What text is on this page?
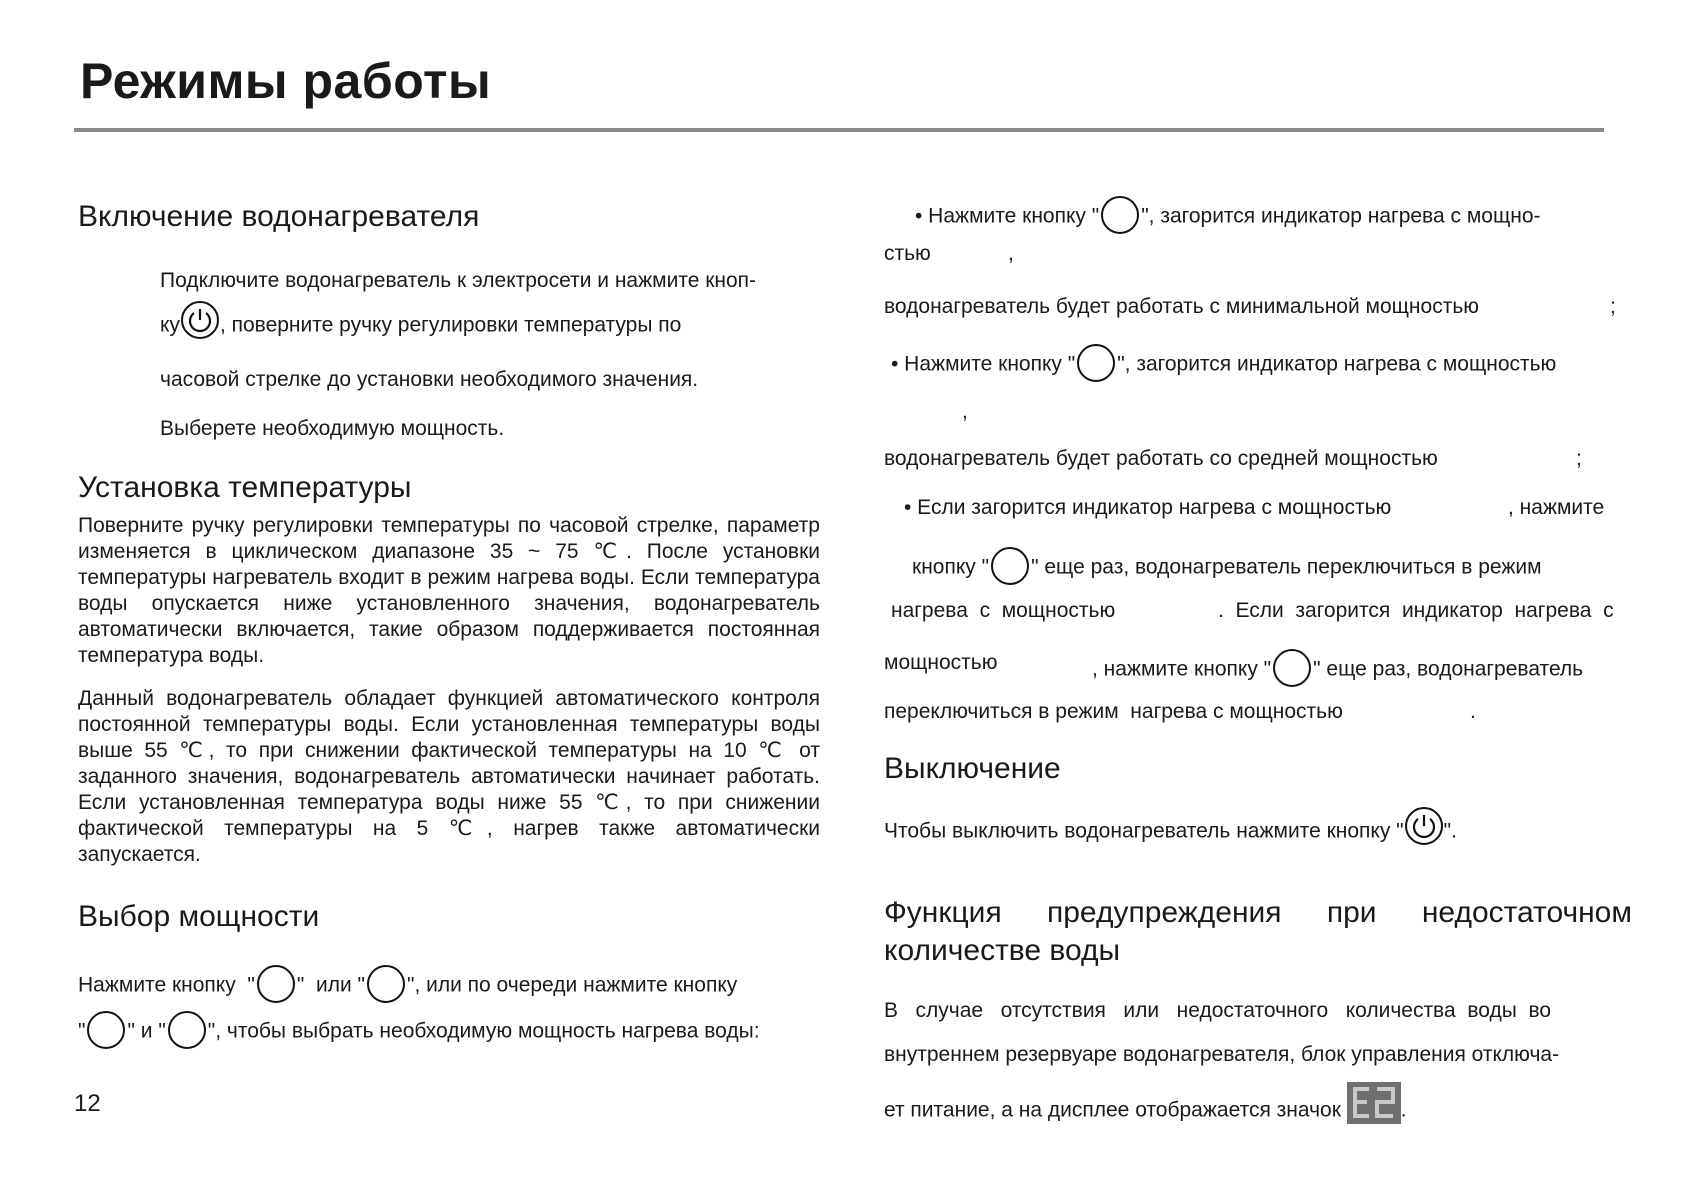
Режимы работы
Включение водонагревателя

Подключите водонагреватель к электросети и нажмите кноп-

ку , поверните ручку регулировки температуры по

часовой стрелке до установки необходимого значения.

Выберете необходимую мощность.

Установка температуры

Поверните ручку регулировки температуры по часовой стрелке, параметр изменяется в циклическом диапазоне 35 ~ 75 ℃. После установки температуры нагреватель входит в режим нагрева воды. Если температура воды опускается ниже установленного значения, водонагреватель автоматически включается, такие образом поддерживается постоянная температура воды.

Данный водонагреватель обладает функцией автоматического контроля постоянной температуры воды. Если установленная температуры воды выше 55 ℃, то при снижении фактической температуры на 10 ℃ от заданного значения, водонагреватель автоматически начинает работать. Если установленная температура воды ниже 55 ℃, то при снижении фактической температуры на 5 ℃, нагрев также автоматически запускается.

Выбор мощности

Нажмите кнопку  " "  или " ", или по очереди нажмите кнопку

" " и " ", чтобы выбрать необходимую мощность нагрева воды:

12

• Нажмите кнопку " ", загорится индикатор нагрева с мощно-

стью	,

водонагреватель будет работать с минимальной мощностью	;

• Нажмите кнопку " ", загорится индикатор нагрева с мощностью

,

водонагреватель будет работать со средней мощностью	;

• Если загорится индикатор нагрева с мощностью	, нажмите

кнопку " " еще раз, водонагреватель переключиться в режим

нагрева  с  мощностью	.  Если  загорится  индикатор  нагрева  с

мощностью	, нажмите кнопку " " еще раз, водонагреватель

переключиться в режим  нагрева с мощностью	.

Выключение

Чтобы выключить водонагреватель нажмите кнопку " ".

Функция предупреждения при недостаточном количестве воды

В   случае   отсутствия   или   недостаточного   количества  воды  во

внутреннем резервуаре водонагревателя, блок управления отключа-

ет питание, а на дисплее отображается значок	.
